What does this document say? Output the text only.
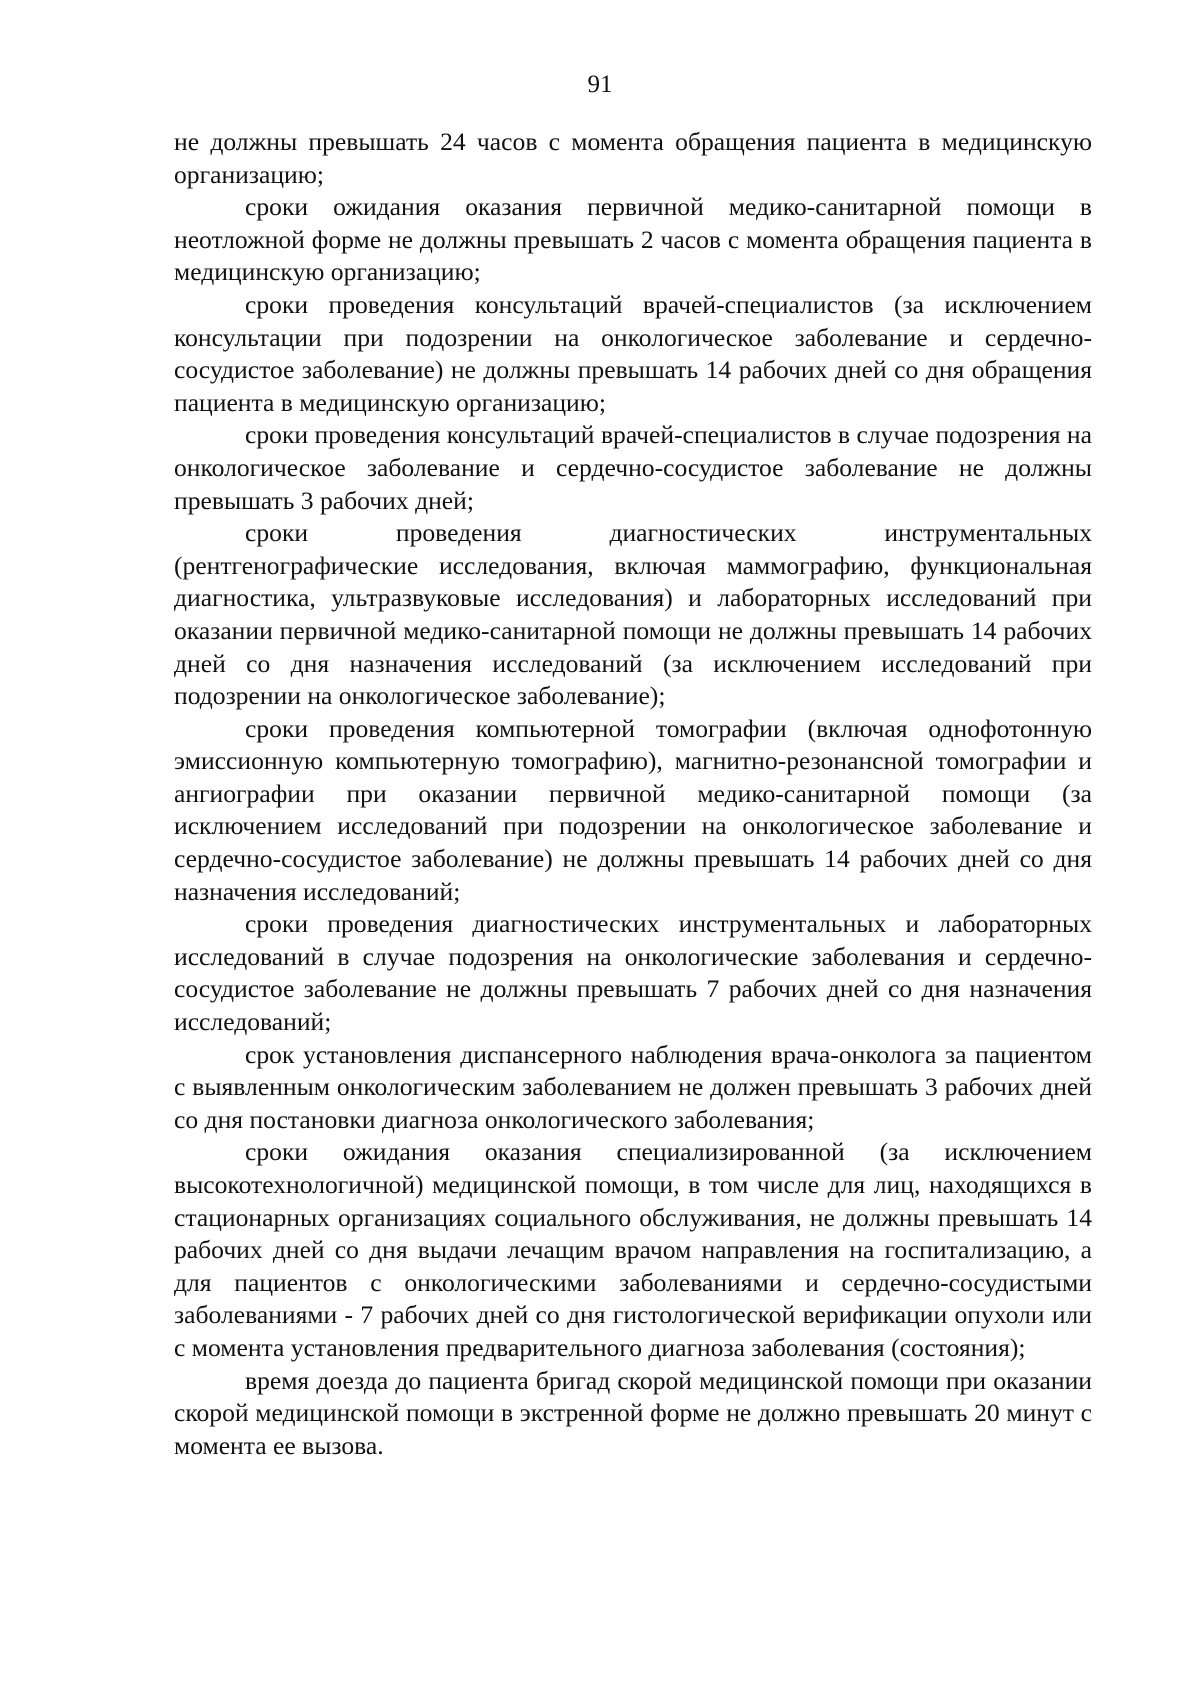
91

не должны превышать 24 часов с момента обращения пациента в медицинскую организацию;

сроки ожидания оказания первичной медико-санитарной помощи в неотложной форме не должны превышать 2 часов с момента обращения пациента в медицинскую организацию;

сроки проведения консультаций врачей-специалистов (за исключением консультации при подозрении на онкологическое заболевание и сердечно-сосудистое заболевание) не должны превышать 14 рабочих дней со дня обращения пациента в медицинскую организацию;

сроки проведения консультаций врачей-специалистов в случае подозрения на онкологическое заболевание и сердечно-сосудистое заболевание не должны превышать 3 рабочих дней;

сроки проведения диагностических инструментальных (рентгенографические исследования, включая маммографию, функциональная диагностика, ультразвуковые исследования) и лабораторных исследований при оказании первичной медико-санитарной помощи не должны превышать 14 рабочих дней со дня назначения исследований (за исключением исследований при подозрении на онкологическое заболевание);

сроки проведения компьютерной томографии (включая однофотонную эмиссионную компьютерную томографию), магнитно-резонансной томографии и ангиографии при оказании первичной медико-санитарной помощи (за исключением исследований при подозрении на онкологическое заболевание и сердечно-сосудистое заболевание) не должны превышать 14 рабочих дней со дня назначения исследований;

сроки проведения диагностических инструментальных и лабораторных исследований в случае подозрения на онкологические заболевания и сердечно-сосудистое заболевание не должны превышать 7 рабочих дней со дня назначения исследований;

срок установления диспансерного наблюдения врача-онколога за пациентом с выявленным онкологическим заболеванием не должен превышать 3 рабочих дней со дня постановки диагноза онкологического заболевания;

сроки ожидания оказания специализированной (за исключением высокотехнологичной) медицинской помощи, в том числе для лиц, находящихся в стационарных организациях социального обслуживания, не должны превышать 14 рабочих дней со дня выдачи лечащим врачом направления на госпитализацию, а для пациентов с онкологическими заболеваниями и сердечно-сосудистыми заболеваниями - 7 рабочих дней со дня гистологической верификации опухоли или с момента установления предварительного диагноза заболевания (состояния);

время доезда до пациента бригад скорой медицинской помощи при оказании скорой медицинской помощи в экстренной форме не должно превышать 20 минут с момента ее вызова.
